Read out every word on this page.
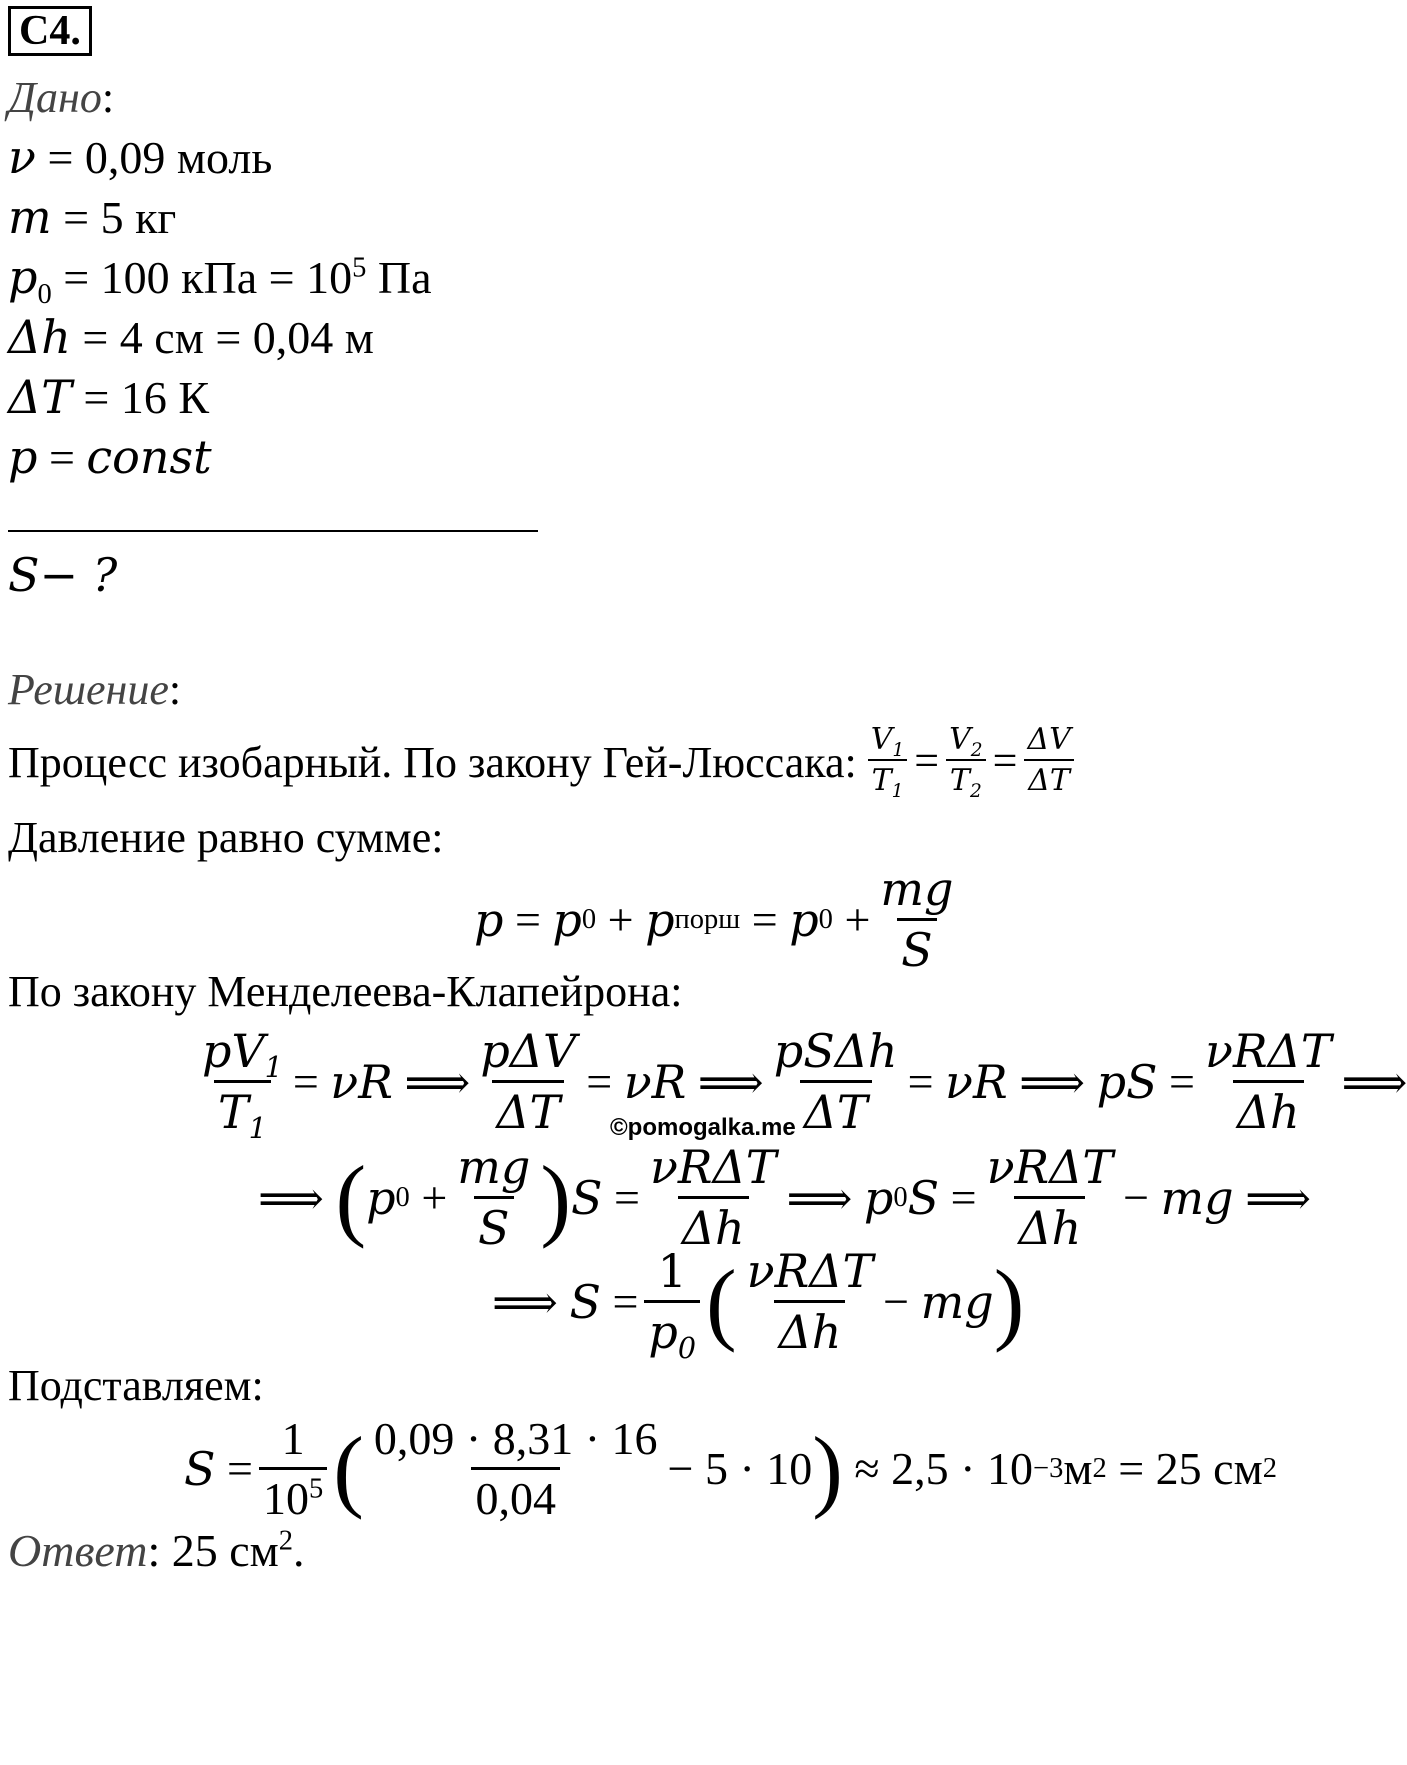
C4.
Дано:
ν = 0,09 моль
m = 5 кг
$p_0 = 100$ кПа = $10^5$ Па
Δh = 4 см = 0,04 м
ΔT = 16 К
p = const
S− ?
Решение:
Процесс изобарный. По закону Гей-Люссака: $\frac{V_1}{T_1} = \frac{V_2}{T_2} = \frac{\Delta V}{\Delta T}$
Давление равно сумме:
p = p 0 + p порш = p $0 + \frac{mg}{S}$
По закону Менделеева-Клапейрона:
$\frac{pV_1}{T_1} = \nu R$ ⟹ $\frac{\text{pΔV}}{\Delta T} = \nu R$ ⟹ $\frac{\text{pSΔh}}{\Delta T} = \nu R$ ⟹ pS = $\frac{\text{νRΔT}}{\Delta h}$ ⟹
©pomogalka.me
⟹ ( p $0 + \frac{mg}{S}$ ) $S = \frac{\text{νRΔT}}{\Delta h}$ ⟹ p 0 $S = \frac{\text{νRΔT}}{\Delta h}$ − mg ⟹
⟹ $S = \frac{1}{p_0}$ ( $\frac{\text{νRΔT}}{\Delta h}$ − mg )
Подставляем:
$S = \frac{1}{10^5}$ ( $\frac{0,09 \cdot 8,31 \cdot 16}{0,04} - 5 \cdot 10$ )
≈ 2,5 · 10 −3 м 2
= 25 см 2
Ответ: 25 $см^2$.
